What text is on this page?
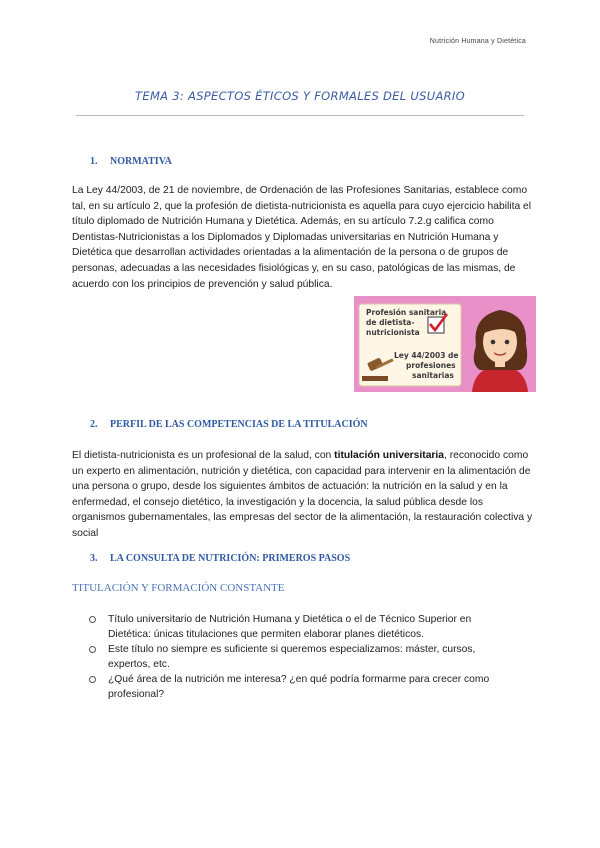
Nutrición Humana y Dietética
TEMA 3: ASPECTOS ÉTICOS Y FORMALES DEL USUARIO
1. NORMATIVA
La Ley 44/2003, de 21 de noviembre, de Ordenación de las Profesiones Sanitarias, establece como tal, en su artículo 2, que la profesión de dietista-nutricionista es aquella para cuyo ejercicio habilita el título diplomado de Nutrición Humana y Dietética. Además, en su artículo 7.2.g califica como Dentistas-Nutricionistas a los Diplomados y Diplomadas universitarias en Nutrición Humana y Dietética que desarrollan actividades orientadas a la alimentación de la persona o de grupos de personas, adecuadas a las necesidades fisiológicas y, en su caso, patológicas de las mismas, de acuerdo con los principios de prevención y salud pública.
Profesión sanitaria
de dietista-
nutricionista
Ley 44/2003 de
profesiones
sanitarias
2. PERFIL DE LAS COMPETENCIAS DE LA TITULACIÓN
El dietista-nutricionista es un profesional de la salud, con titulación universitaria, reconocido como un experto en alimentación, nutrición y dietética, con capacidad para intervenir en la alimentación de una persona o grupo, desde los siguientes ámbitos de actuación: la nutrición en la salud y en la enfermedad, el consejo dietético, la investigación y la docencia, la salud pública desde los organismos gubernamentales, las empresas del sector de la alimentación, la restauración colectiva y social
3. LA CONSULTA DE NUTRICIÓN: PRIMEROS PASOS
TITULACIÓN Y FORMACIÓN CONSTANTE
Título universitario de Nutrición Humana y Dietética o el de Técnico Superior en Dietética: únicas titulaciones que permiten elaborar planes dietéticos.
Este título no siempre es suficiente si queremos especializamos: máster, cursos, expertos, etc.
¿Qué área de la nutrición me interesa? ¿en qué podría formarme para crecer como profesional?
